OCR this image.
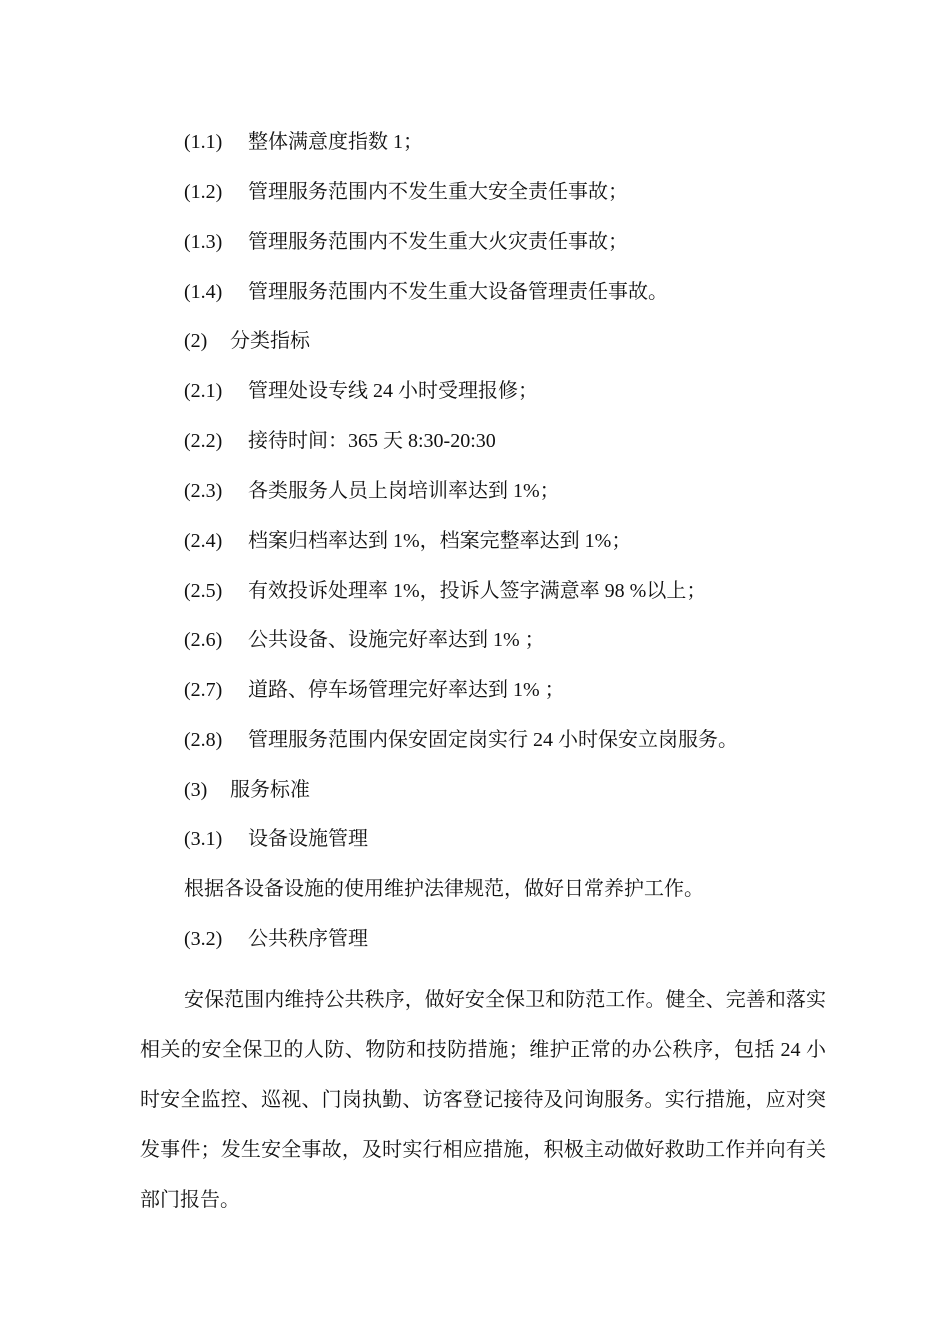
(1.1) 整体满意度指数 1；
(1.2) 管理服务范围内不发生重大安全责任事故；
(1.3) 管理服务范围内不发生重大火灾责任事故；
(1.4) 管理服务范围内不发生重大设备管理责任事故。
(2) 分类指标
(2.1) 管理处设专线 24 小时受理报修；
(2.2) 接待时间：365 天 8:30-20:30
(2.3) 各类服务人员上岗培训率达到 1%；
(2.4) 档案归档率达到 1%，档案完整率达到 1%；
(2.5) 有效投诉处理率 1%，投诉人签字满意率 98 %以上；
(2.6) 公共设备、设施完好率达到 1% ；
(2.7) 道路、停车场管理完好率达到 1% ；
(2.8) 管理服务范围内保安固定岗实行 24 小时保安立岗服务。
(3) 服务标准
(3.1) 设备设施管理
根据各设备设施的使用维护法律规范，做好日常养护工作。
(3.2) 公共秩序管理

安保范围内维持公共秩序，做好安全保卫和防范工作。健全、完善和落实相关的安全保卫的人防、物防和技防措施；维护正常的办公秩序，包括 24 小时安全监控、巡视、门岗执勤、访客登记接待及问询服务。实行措施，应对突发事件；发生安全事故，及时实行相应措施，积极主动做好救助工作并向有关部门报告。
